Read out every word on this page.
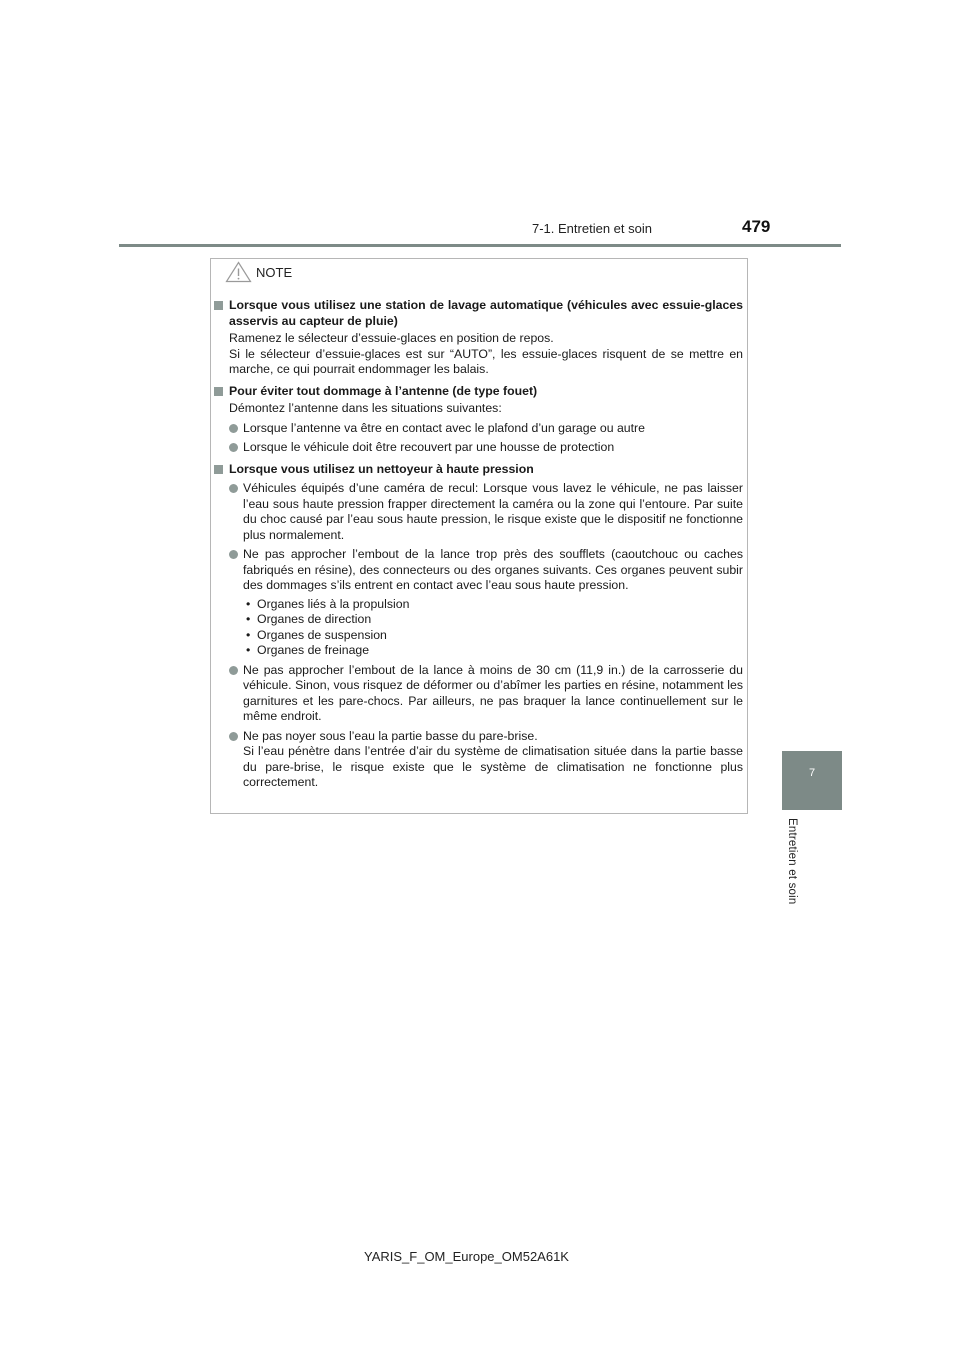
7-1. Entretien et soin	479
7
Entretien et soin
NOTE
Lorsque vous utilisez une station de lavage automatique (véhicules avec essuie-glaces asservis au capteur de pluie)
Ramenez le sélecteur d’essuie-glaces en position de repos.
Si le sélecteur d’essuie-glaces est sur “AUTO”, les essuie-glaces risquent de se mettre en marche, ce qui pourrait endommager les balais.
Pour éviter tout dommage à l’antenne (de type fouet)
Démontez l’antenne dans les situations suivantes:
Lorsque l’antenne va être en contact avec le plafond d’un garage ou autre
Lorsque le véhicule doit être recouvert par une housse de protection
Lorsque vous utilisez un nettoyeur à haute pression
Véhicules équipés d’une caméra de recul: Lorsque vous lavez le véhicule, ne pas laisser l’eau sous haute pression frapper directement la caméra ou la zone qui l’entoure. Par suite du choc causé par l’eau sous haute pression, le risque existe que le dispositif ne fonctionne plus normalement.
Ne pas approcher l’embout de la lance trop près des soufflets (caoutchouc ou caches fabriqués en résine), des connecteurs ou des organes suivants. Ces organes peuvent subir des dommages s’ils entrent en contact avec l’eau sous haute pression.
• Organes liés à la propulsion
• Organes de direction
• Organes de suspension
• Organes de freinage
Ne pas approcher l’embout de la lance à moins de 30 cm (11,9 in.) de la carrosserie du véhicule. Sinon, vous risquez de déformer ou d’abîmer les parties en résine, notamment les garnitures et les pare-chocs. Par ailleurs, ne pas braquer la lance continuellement sur le même endroit.
Ne pas noyer sous l’eau la partie basse du pare-brise.
Si l’eau pénètre dans l’entrée d’air du système de climatisation située dans la partie basse du pare-brise, le risque existe que le système de climatisation ne fonctionne plus correctement.
YARIS_F_OM_Europe_OM52A61K
